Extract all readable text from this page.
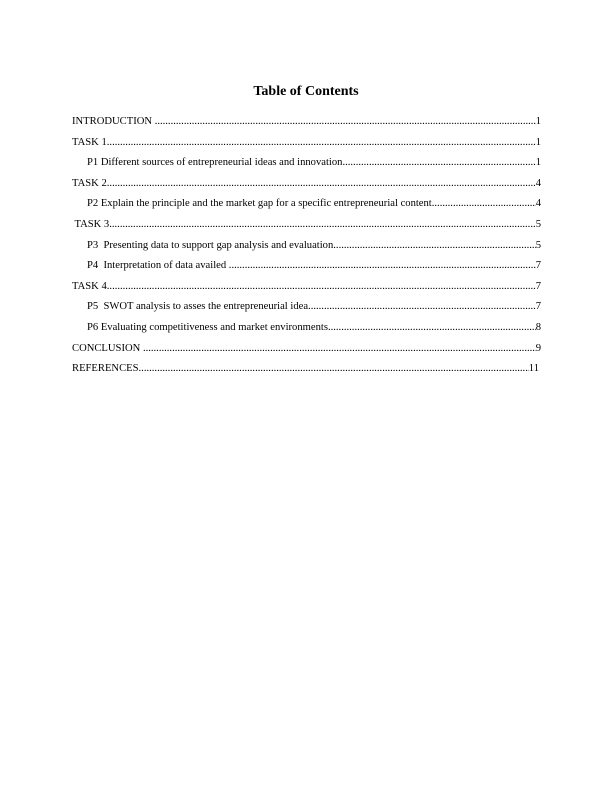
Table of Contents
INTRODUCTION .....	1
TASK 1 .....	1
P1 Different sources of entrepreneurial ideas and innovation .....	1
TASK 2 .....	4
P2 Explain the principle and the market gap for a specific entrepreneurial content .....	4
TASK 3 .....	5
P3  Presenting data to support gap analysis and evaluation .....	5
P4  Interpretation of data availed .....	7
TASK 4 .....	7
P5  SWOT analysis to asses the entrepreneurial idea .....	7
P6 Evaluating competitiveness and market environments .....	8
CONCLUSION .....	9
REFERENCES .....	11
